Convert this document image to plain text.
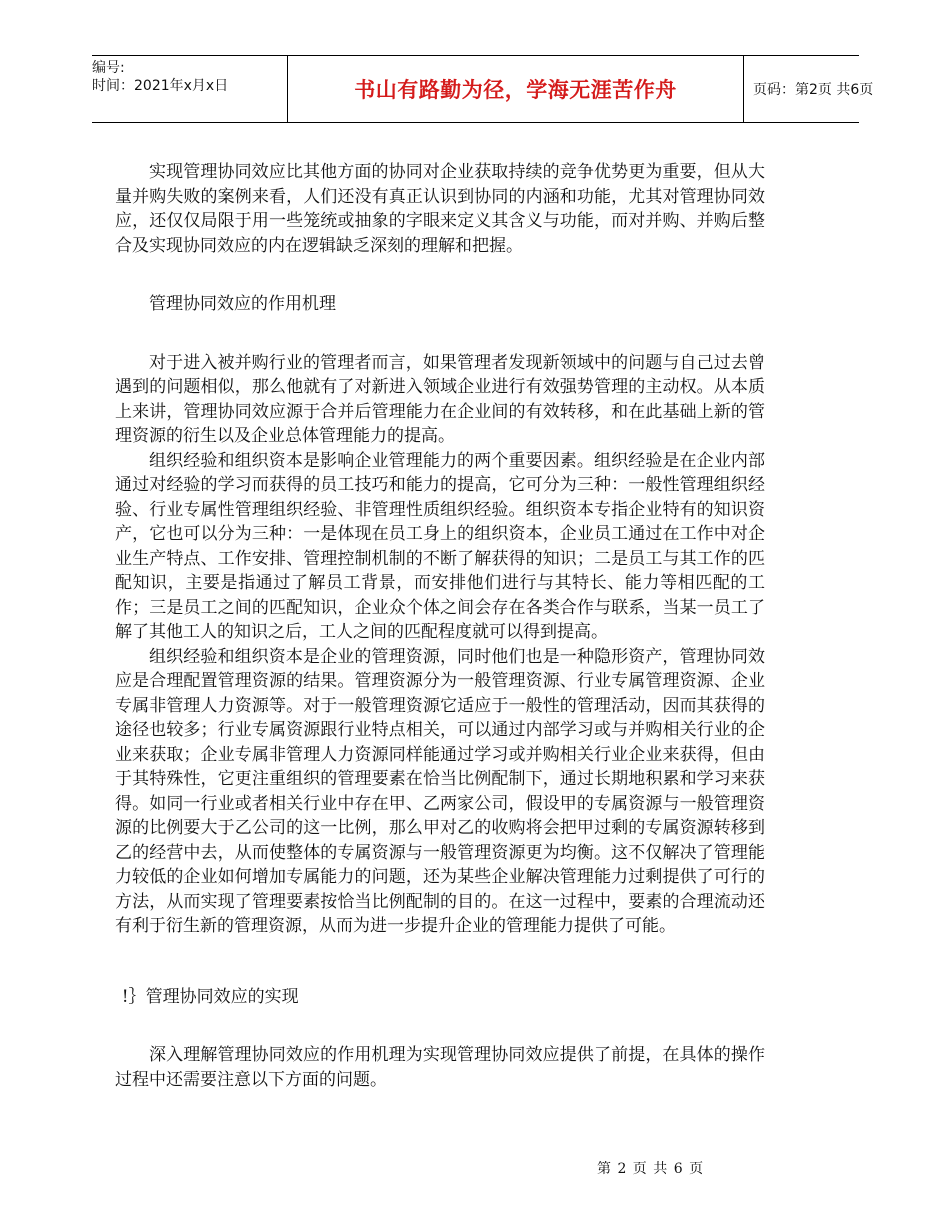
编号:
时间：2021年x月x日	书山有路勤为径，学海无涯苦作舟	页码：第2页 共6页

实现管理协同效应比其他方面的协同对企业获取持续的竞争优势更为重要，但从大量并购失败的案例来看，人们还没有真正认识到协同的内涵和功能，尤其对管理协同效应，还仅仅局限于用一些笼统或抽象的字眼来定义其含义与功能，而对并购、并购后整合及实现协同效应的内在逻辑缺乏深刻的理解和把握。

管理协同效应的作用机理

对于进入被并购行业的管理者而言，如果管理者发现新领域中的问题与自己过去曾遇到的问题相似，那么他就有了对新进入领域企业进行有效强势管理的主动权。从本质上来讲，管理协同效应源于合并后管理能力在企业间的有效转移，和在此基础上新的管理资源的衍生以及企业总体管理能力的提高。

组织经验和组织资本是影响企业管理能力的两个重要因素。组织经验是在企业内部通过对经验的学习而获得的员工技巧和能力的提高，它可分为三种：一般性管理组织经验、行业专属性管理组织经验、非管理性质组织经验。组织资本专指企业特有的知识资产，它也可以分为三种：一是体现在员工身上的组织资本，企业员工通过在工作中对企业生产特点、工作安排、管理控制机制的不断了解获得的知识；二是员工与其工作的匹配知识，主要是指通过了解员工背景，而安排他们进行与其特长、能力等相匹配的工作；三是员工之间的匹配知识，企业众个体之间会存在各类合作与联系，当某一员工了解了其他工人的知识之后，工人之间的匹配程度就可以得到提高。

组织经验和组织资本是企业的管理资源，同时他们也是一种隐形资产，管理协同效应是合理配置管理资源的结果。管理资源分为一般管理资源、行业专属管理资源、企业专属非管理人力资源等。对于一般管理资源它适应于一般性的管理活动，因而其获得的途径也较多；行业专属资源跟行业特点相关，可以通过内部学习或与并购相关行业的企业来获取；企业专属非管理人力资源同样能通过学习或并购相关行业企业来获得，但由于其特殊性，它更注重组织的管理要素在恰当比例配制下，通过长期地积累和学习来获得。如同一行业或者相关行业中存在甲、乙两家公司，假设甲的专属资源与一般管理资源的比例要大于乙公司的这一比例，那么甲对乙的收购将会把甲过剩的专属资源转移到乙的经营中去，从而使整体的专属资源与一般管理资源更为均衡。这不仅解决了管理能力较低的企业如何增加专属能力的问题，还为某些企业解决管理能力过剩提供了可行的方法，从而实现了管理要素按恰当比例配制的目的。在这一过程中，要素的合理流动还有利于衍生新的管理资源，从而为进一步提升企业的管理能力提供了可能。

!｝管理协同效应的实现

深入理解管理协同效应的作用机理为实现管理协同效应提供了前提，在具体的操作过程中还需要注意以下方面的问题。

第 2 页 共 6 页
